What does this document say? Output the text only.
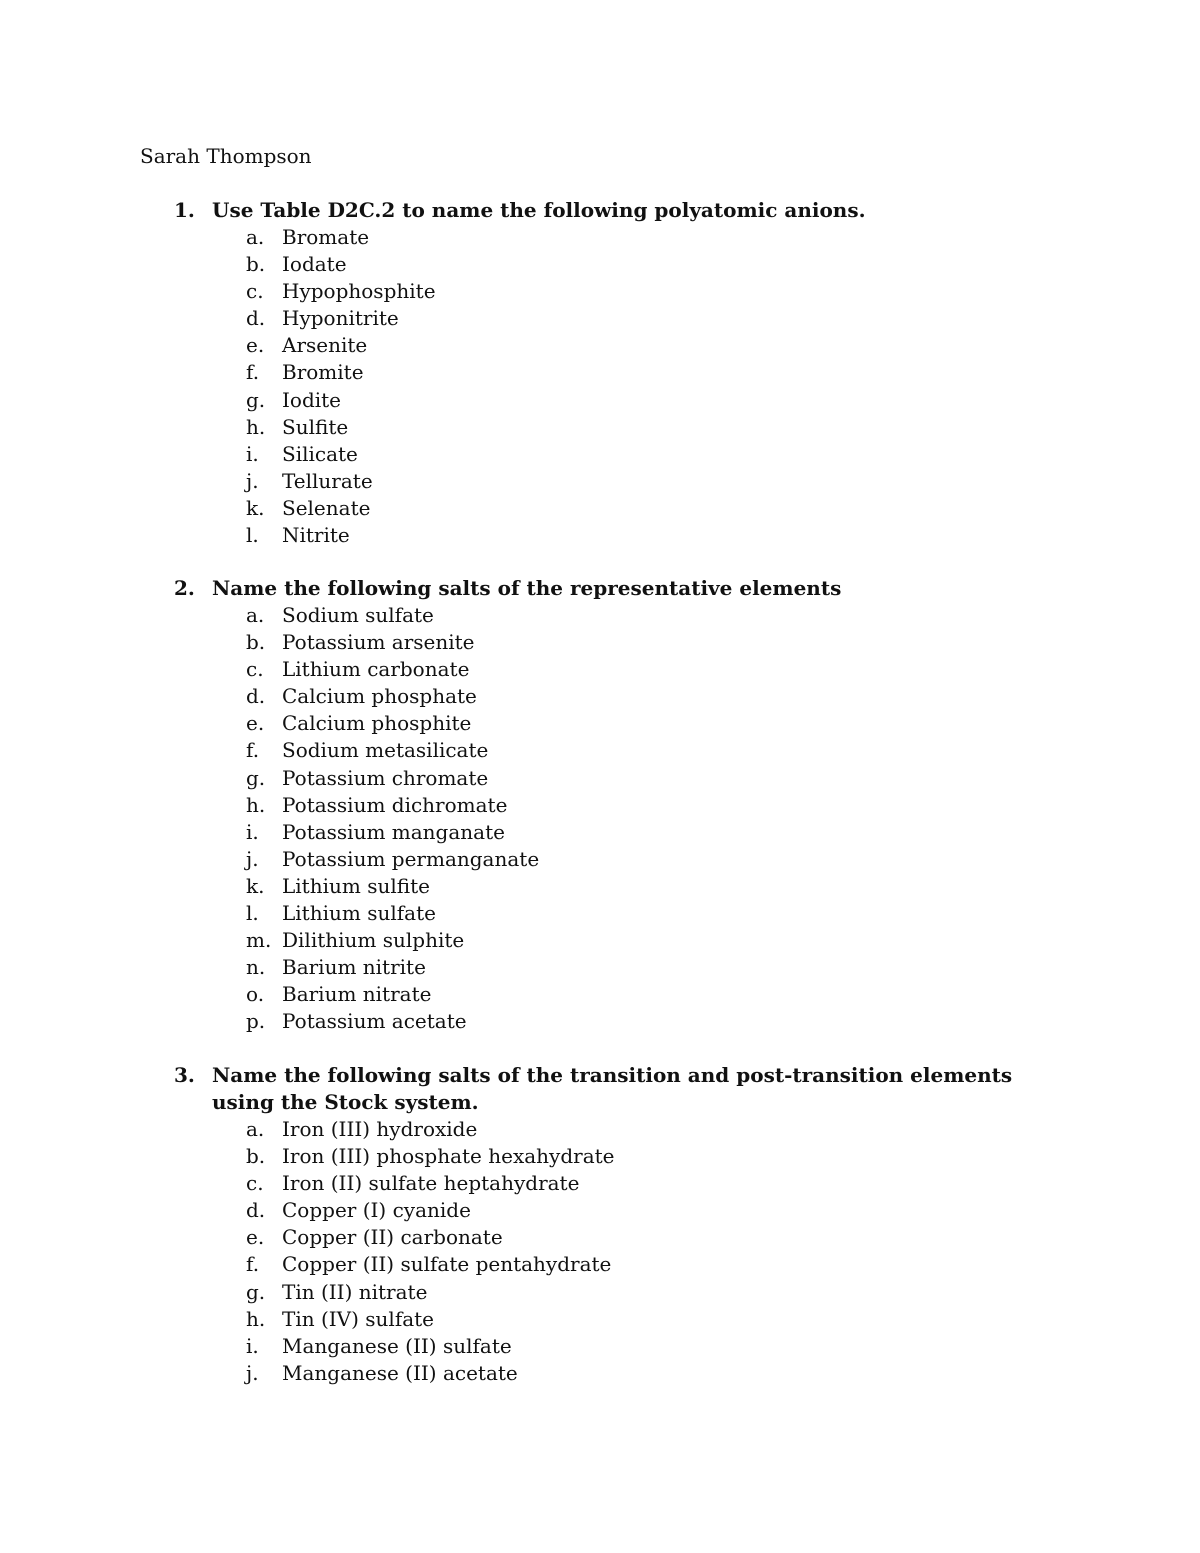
Sarah Thompson

1. Use Table D2C.2 to name the following polyatomic anions.
a. Bromate
b. Iodate
c. Hypophosphite
d. Hyponitrite
e. Arsenite
f.	Bromite
g. Iodite
h. Sulfite
i.	Silicate
j.	Tellurate
k. Selenate
l.	Nitrite
2. Name the following salts of the representative elements
a. Sodium sulfate
b. Potassium arsenite
c. Lithium carbonate
d. Calcium phosphate
e. Calcium phosphite
f.	Sodium metasilicate
g. Potassium chromate
h. Potassium dichromate
i.	Potassium manganate
j.	Potassium permanganate
k. Lithium sulfite
l.	Lithium sulfate
m. Dilithium sulphite
n. Barium nitrite
o. Barium nitrate
p. Potassium acetate
3. Name the following salts of the transition and post-transition elements using the Stock system.
a. Iron (III) hydroxide
b. Iron (III) phosphate hexahydrate
c. Iron (II) sulfate heptahydrate
d. Copper (I) cyanide
e. Copper (II) carbonate
f.	Copper (II) sulfate pentahydrate
g. Tin (II) nitrate
h. Tin (IV) sulfate
i.	Manganese (II) sulfate
j.	Manganese (II) acetate
